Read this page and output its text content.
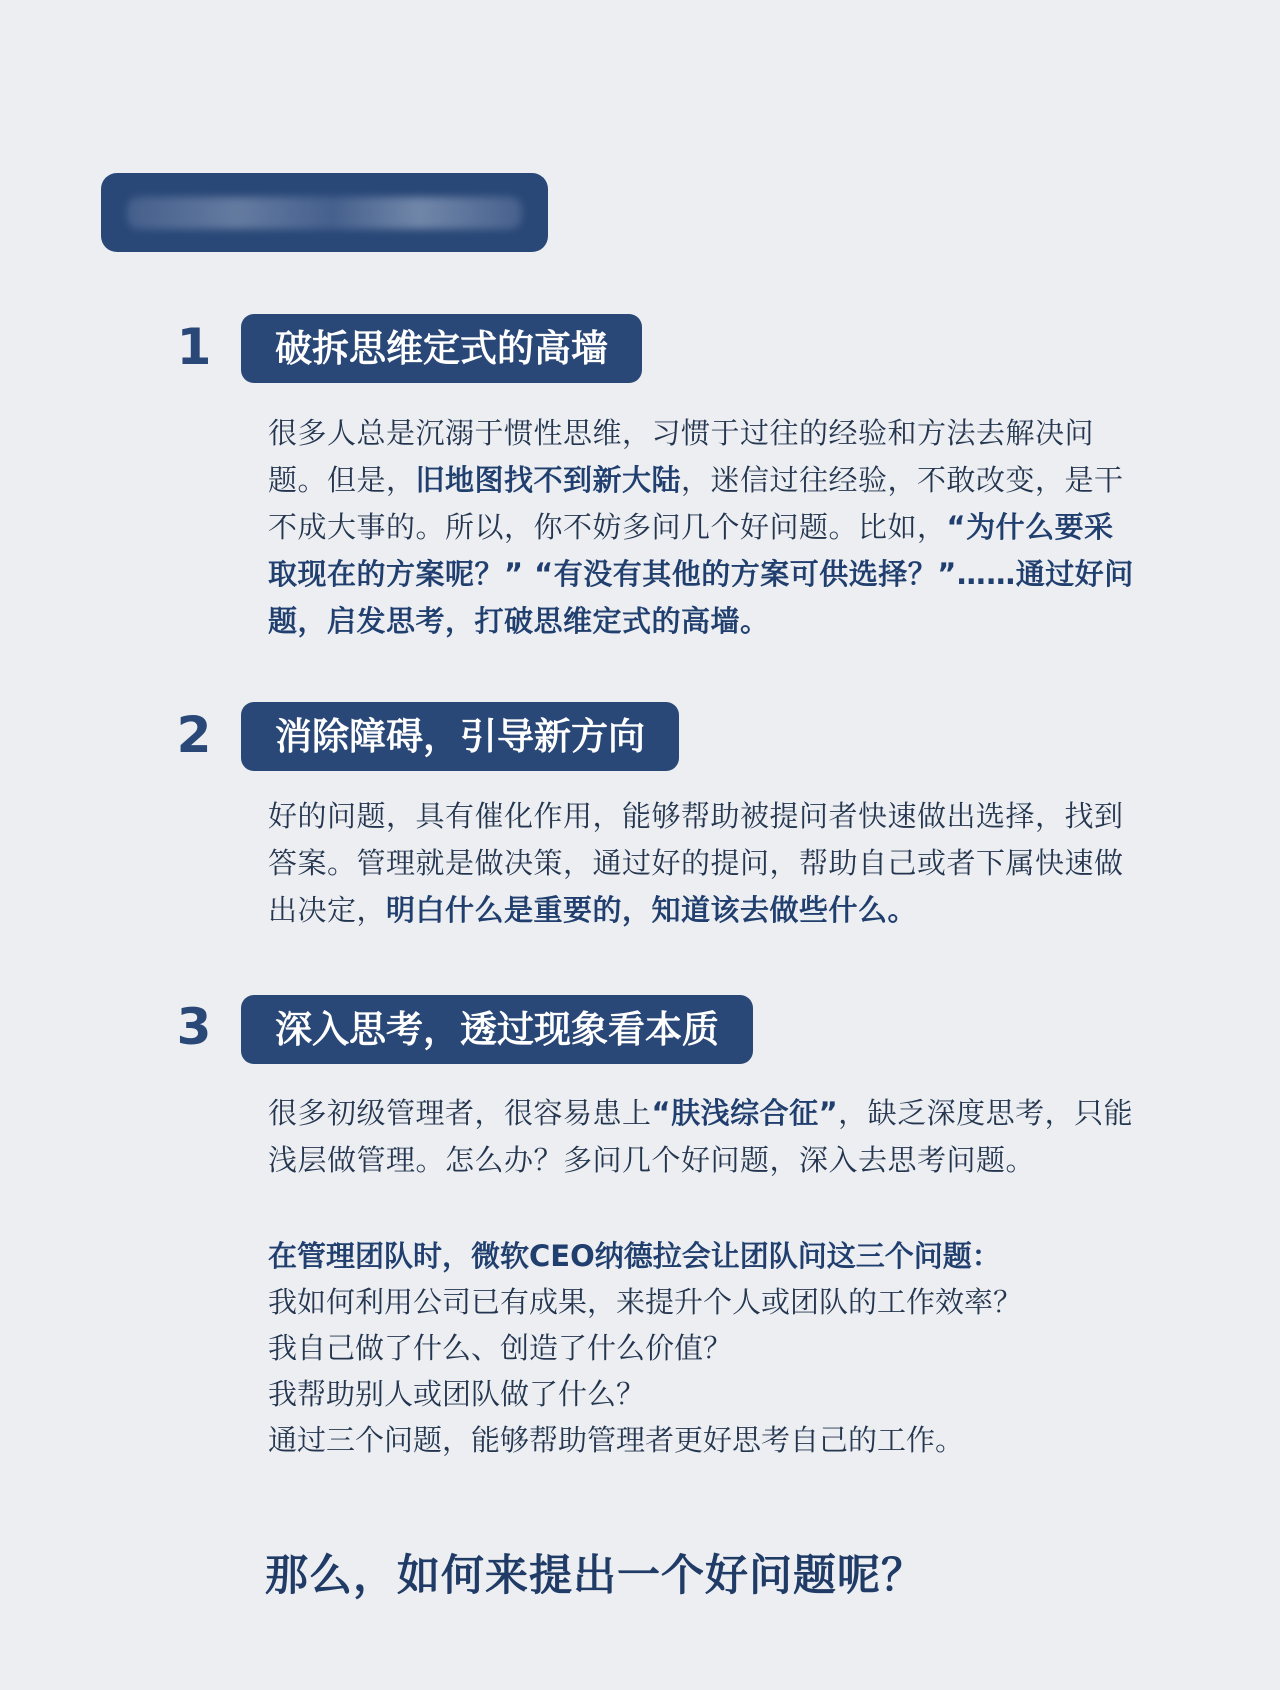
1	破拆思维定式的高墙
很多人总是沉溺于惯性思维，习惯于过往的经验和方法去解决问题。但是，旧地图找不到新大陆，迷信过往经验，不敢改变，是干不成大事的。所以，你不妨多问几个好问题。比如，“为什么要采取现在的方案呢？” “有没有其他的方案可供选择？”……通过好问题，启发思考，打破思维定式的高墙。
2	消除障碍，引导新方向
好的问题，具有催化作用，能够帮助被提问者快速做出选择，找到答案。管理就是做决策，通过好的提问，帮助自己或者下属快速做出决定，明白什么是重要的，知道该去做些什么。
3	深入思考，透过现象看本质
很多初级管理者，很容易患上“肤浅综合征”，缺乏深度思考，只能浅层做管理。怎么办？多问几个好问题，深入去思考问题。
在管理团队时，微软CEO纳德拉会让团队问这三个问题：
我如何利用公司已有成果，来提升个人或团队的工作效率？
我自己做了什么、创造了什么价值？
我帮助别人或团队做了什么？
通过三个问题，能够帮助管理者更好思考自己的工作。
那么，如何来提出一个好问题呢？
